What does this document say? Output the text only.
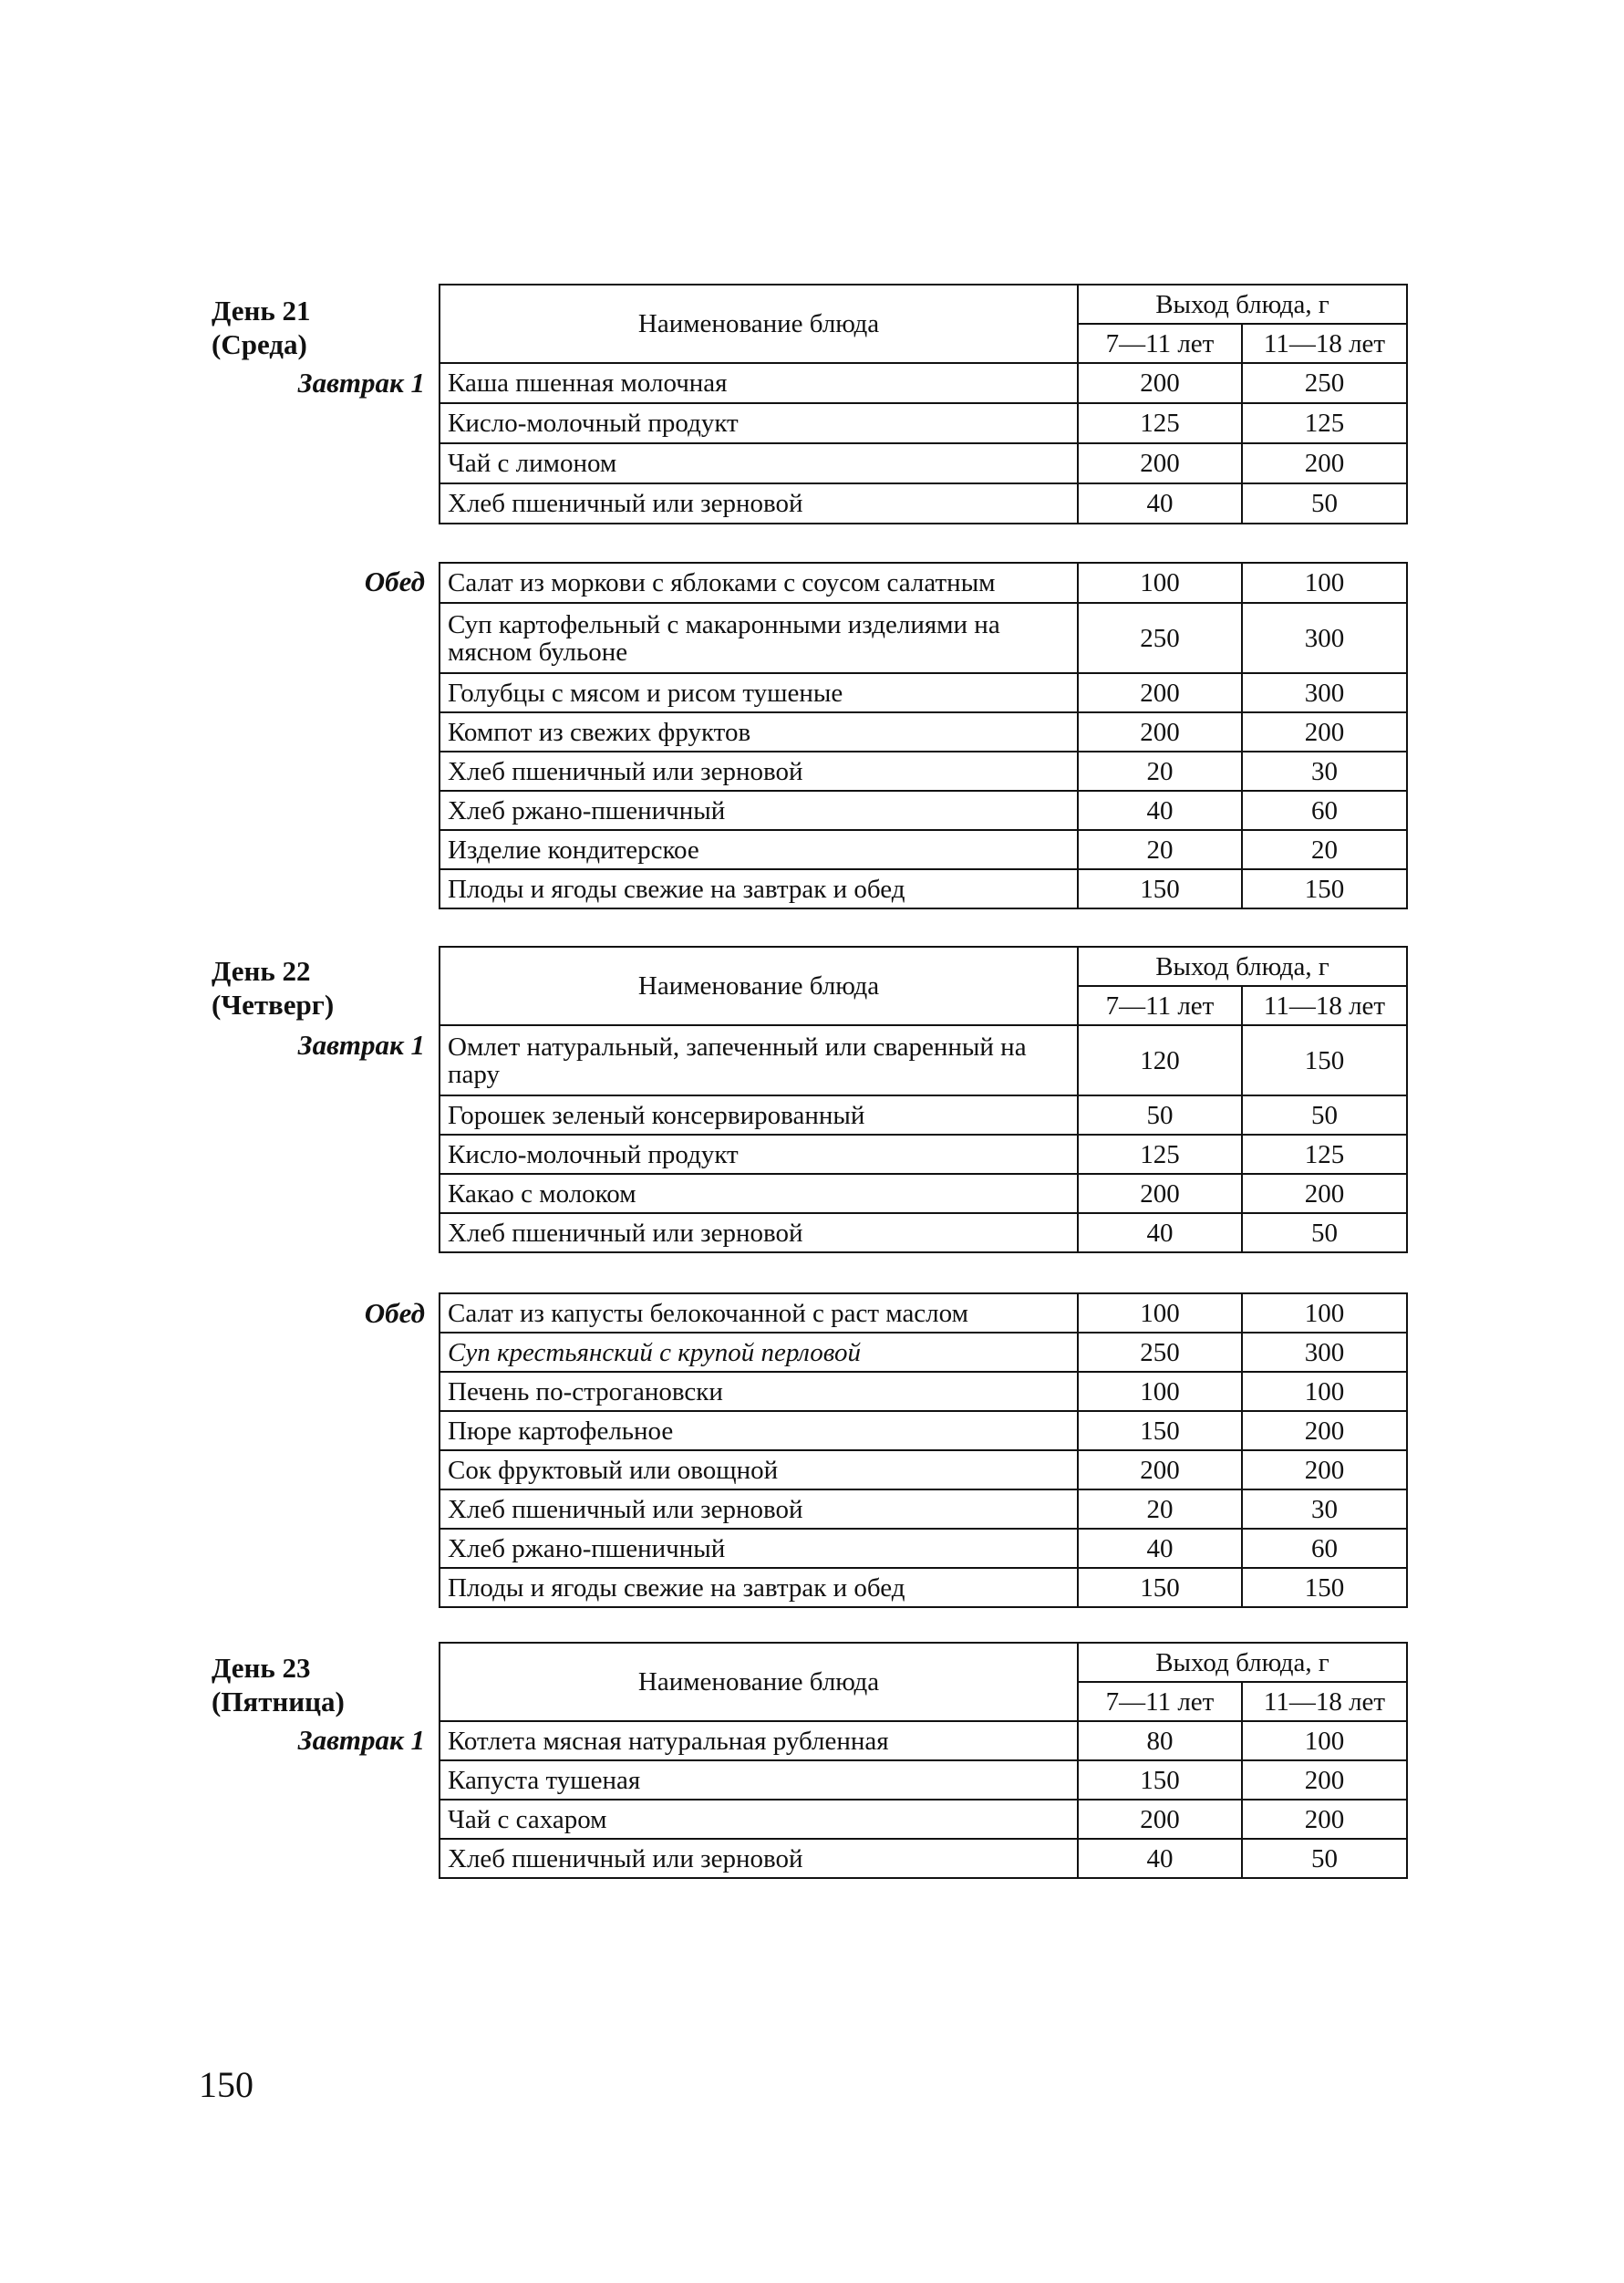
День 21
(Среда)
Завтрак 1
Наименование блюда	Выход блюда, г	
	7—11 лет	11—18 лет
Каша пшенная молочная	200	250
Кисло-молочный продукт	125	125
Чай с лимоном	200	200
Хлеб пшеничный или зерновой	40	50
Обед Салат из моркови с яблоками с соусом салатным	100	100
Суп картофельный с макаронными изделиями на мясном бульоне	250	300
Голубцы с мясом и рисом тушеные	200	300
Компот из свежих фруктов	200	200
Хлеб пшеничный или зерновой	20	30
Хлеб ржано-пшеничный	40	60
Изделие кондитерское	20	20
Плоды и ягоды свежие на завтрак и обед	150	150
День 22
(Четверг)
Завтрак 1
Наименование блюда	Выход блюда, г	
	7—11 лет	11—18 лет
Омлет натуральный, запеченный или сваренный на пару	120	150
Горошек зеленый консервированный	50	50
Кисло-молочный продукт	125	125
Какао с молоком	200	200
Хлеб пшеничный или зерновой	40	50
Обед Салат из капусты белокочанной с раст маслом	100	100
Суп крестьянский с крупой перловой	250	300
Печень по-строгановски	100	100
Пюре картофельное	150	200
Сок фруктовый или овощной	200	200
Хлеб пшеничный или зерновой	20	30
Хлеб ржано-пшеничный	40	60
Плоды и ягоды свежие на завтрак и обед	150	150
День 23
(Пятница)
Завтрак 1
Наименование блюда	Выход блюда, г	
	7—11 лет	11—18 лет
Котлета мясная натуральная рубленная	80	100
Капуста тушеная	150	200
Чай с сахаром	200	200
Хлеб пшеничный или зерновой	40	50
150
